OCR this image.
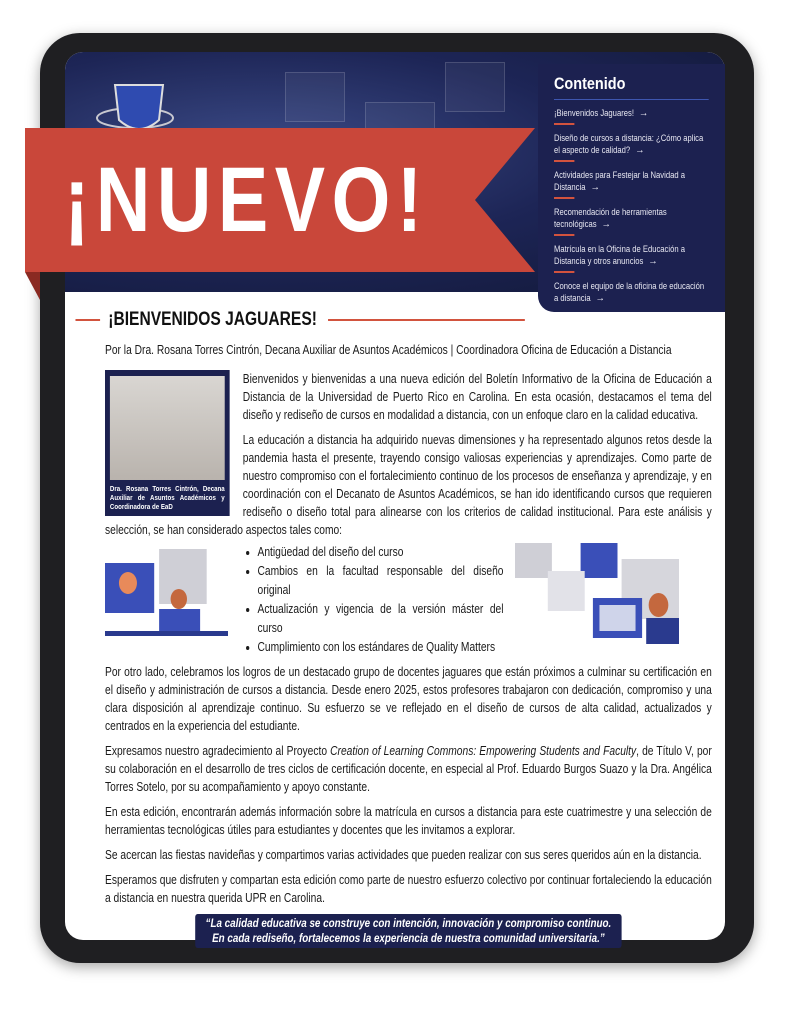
¡NUEVO!
Contenido
¡Bienvenidos Jaguares! →
Diseño de cursos a distancia: ¿Cómo aplica el aspecto de calidad? →
Actividades para Festejar la Navidad a Distancia →
Recomendación de herramientas tecnológicas →
Matrícula en la Oficina de Educación a Distancia y otros anuncios →
Conoce el equipo de la oficina de educación a distancia →
¡BIENVENIDOS JAGUARES!
Por la Dra. Rosana Torres Cintrón, Decana Auxiliar de Asuntos Académicos | Coordinadora Oficina de Educación a Distancia
Dra. Rosana Torres Cintrón, Decana Auxiliar de Asuntos Académicos y Coordinadora de EaD

Bienvenidos y bienvenidas a una nueva edición del Boletín Informativo de la Oficina de Educación a Distancia de la Universidad de Puerto Rico en Carolina. En esta ocasión, destacamos el tema del diseño y rediseño de cursos en modalidad a distancia, con un enfoque claro en la calidad educativa.

La educación a distancia ha adquirido nuevas dimensiones y ha representado algunos retos desde la pandemia hasta el presente, trayendo consigo valiosas experiencias y aprendizajes. Como parte de nuestro compromiso con el fortalecimiento continuo de los procesos de enseñanza y aprendizaje, y en coordinación con el Decanato de Asuntos Académicos, se han ido identificando cursos que requieren rediseño o diseño total para alinearse con los criterios de calidad institucional. Para este análisis y selección, se han considerado aspectos tales como:

• Antigüedad del diseño del curso
• Cambios en la facultad responsable del diseño original
• Actualización y vigencia de la versión máster del curso
• Cumplimiento con los estándares de Quality Matters

Por otro lado, celebramos los logros de un destacado grupo de docentes jaguares que están próximos a culminar su certificación en el diseño y administración de cursos a distancia. Desde enero 2025, estos profesores trabajaron con dedicación, compromiso y una clara disposición al aprendizaje continuo. Su esfuerzo se ve reflejado en el diseño de cursos de alta calidad, actualizados y centrados en la experiencia del estudiante.

Expresamos nuestro agradecimiento al Proyecto Creation of Learning Commons: Empowering Students and Faculty, de Título V, por su colaboración en el desarrollo de tres ciclos de certificación docente, en especial al Prof. Eduardo Burgos Suazo y la Dra. Angélica Torres Sotelo, por su acompañamiento y apoyo constante.

En esta edición, encontrarán además información sobre la matrícula en cursos a distancia para este cuatrimestre y una selección de herramientas tecnológicas útiles para estudiantes y docentes que les invitamos a explorar.

Se acercan las fiestas navideñas y compartimos varias actividades que pueden realizar con sus seres queridos aún en la distancia.

Esperamos que disfruten y compartan esta edición como parte de nuestro esfuerzo colectivo por continuar fortaleciendo la educación a distancia en nuestra querida UPR en Carolina.

“La calidad educativa se construye con intención, innovación y compromiso continuo.
En cada rediseño, fortalecemos la experiencia de nuestra comunidad universitaria.”
